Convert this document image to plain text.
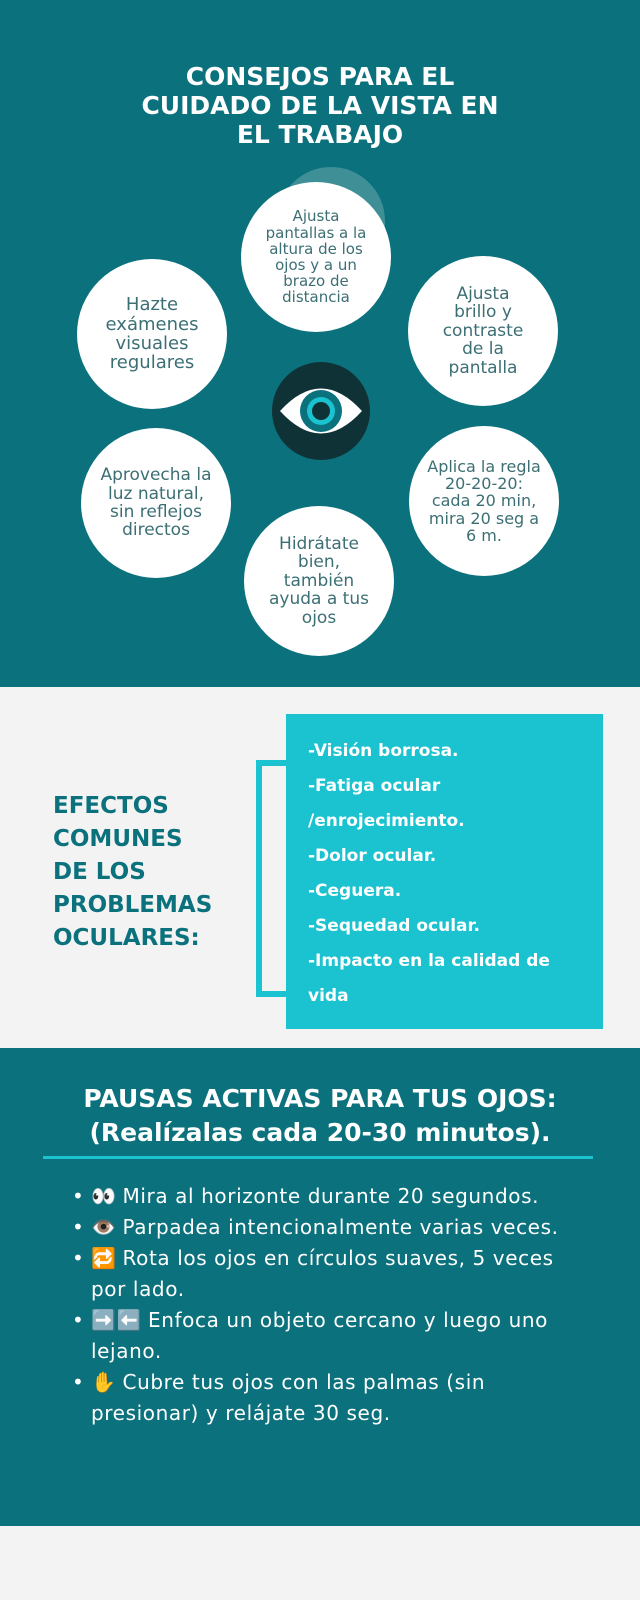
CONSEJOS PARA EL
CUIDADO DE LA VISTA EN
EL TRABAJO
Ajusta pantallas a la altura de los ojos y a un brazo de distancia
Hazte exámenes visuales regulares
Ajusta brillo y contraste de la pantalla
Aprovecha la luz natural, sin reflejos directos
Aplica la regla 20-20-20: cada 20 min, mira 20 seg a 6 m.
Hidrátate bien, también ayuda a tus ojos
EFECTOS
COMUNES
DE LOS
PROBLEMAS
OCULARES:
-Visión borrosa.
-Fatiga ocular
/enrojecimiento.
-Dolor ocular.
-Ceguera.
-Sequedad ocular.
-Impacto en la calidad de
vida
PAUSAS ACTIVAS PARA TUS OJOS:
(Realízalas cada 20-30 minutos).
• 👀 Mira al horizonte durante 20 segundos.
• 👁️ Parpadea intencionalmente varias veces.
• 🔁 Rota los ojos en círculos suaves, 5 veces por lado.
• ➡️⬅️ Enfoca un objeto cercano y luego uno lejano.
• ✋ Cubre tus ojos con las palmas (sin presionar) y relájate 30 seg.
